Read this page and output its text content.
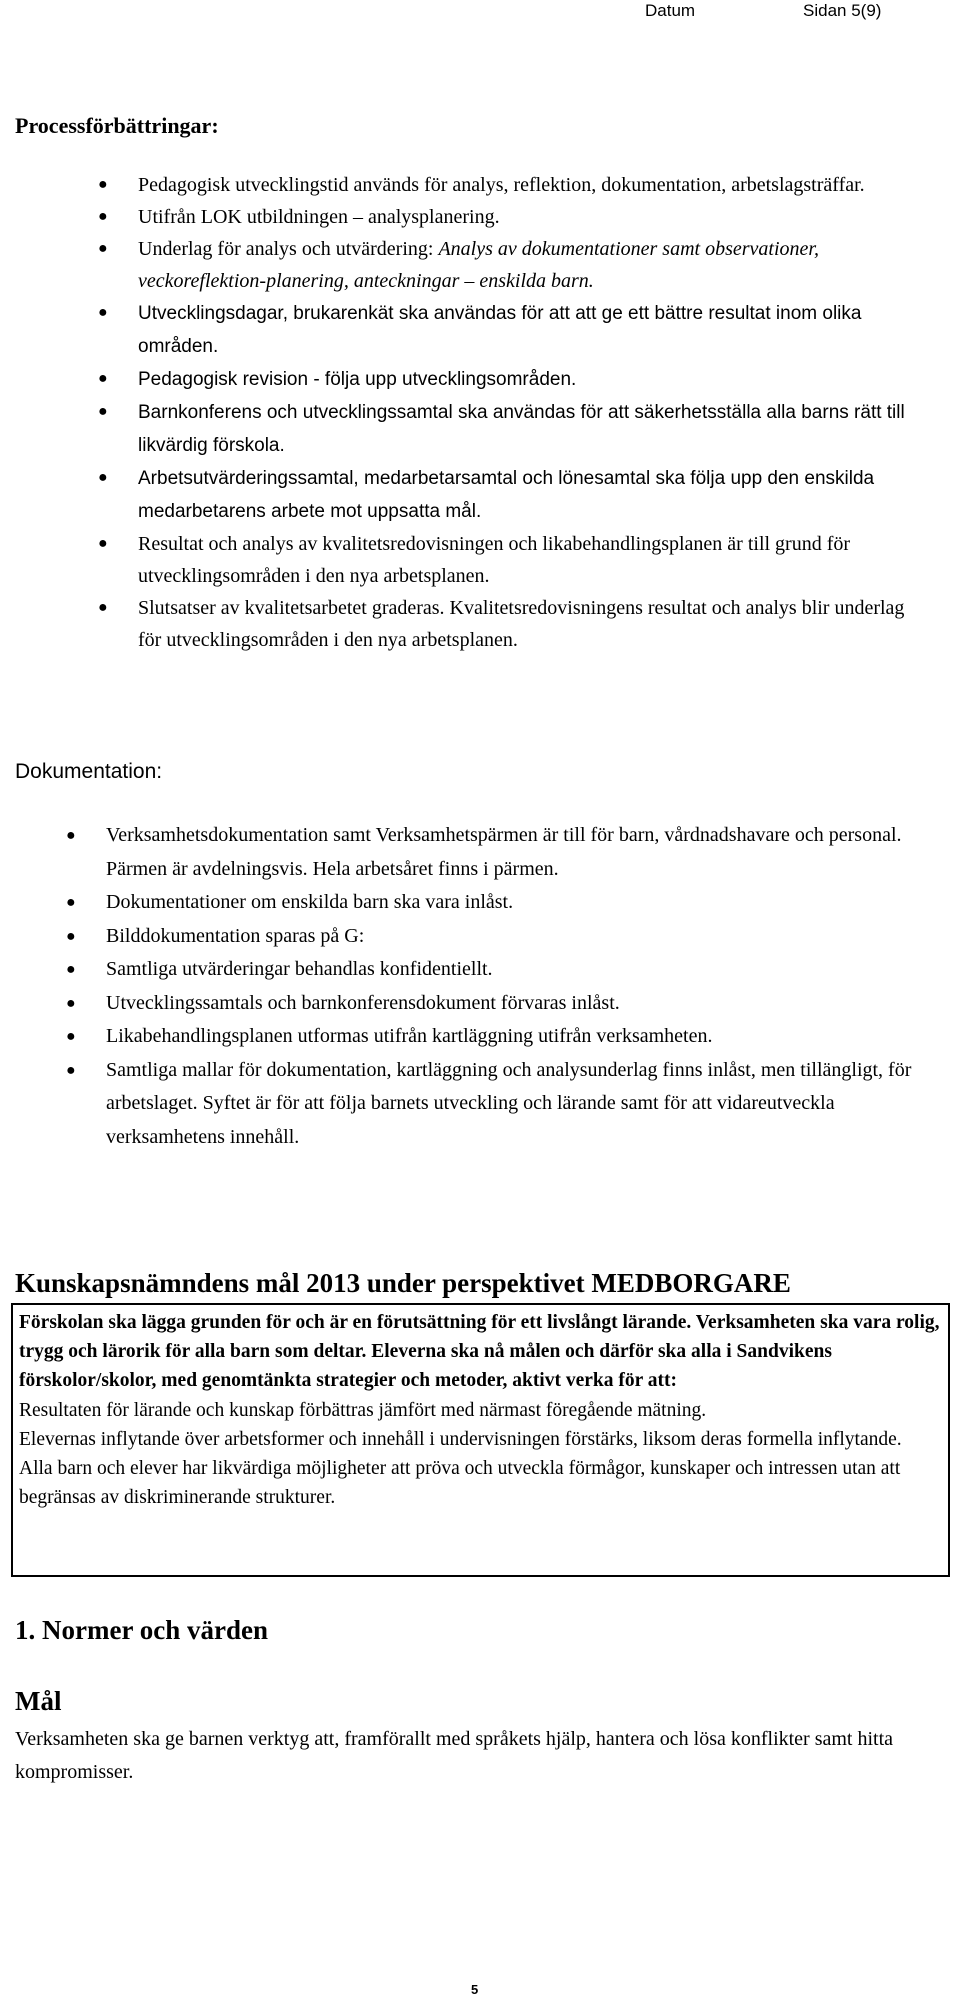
Datum	Sidan 5(9)
Processförbättringar:
● Pedagogisk utvecklingstid används för analys, reflektion, dokumentation, arbetslagsträffar.
● Utifrån LOK utbildningen – analysplanering.
● Underlag för analys och utvärdering: Analys av dokumentationer samt observationer, veckoreflektion-planering, anteckningar – enskilda barn.
● Utvecklingsdagar, brukarenkät ska användas för att att ge ett bättre resultat inom olika områden.
● Pedagogisk revision - följa upp utvecklingsområden.
● Barnkonferens och utvecklingssamtal ska användas för att säkerhetsställa alla barns rätt till likvärdig förskola.
● Arbetsutvärderingssamtal, medarbetarsamtal och lönesamtal ska följa upp den enskilda medarbetarens arbete mot uppsatta mål.
● Resultat och analys av kvalitetsredovisningen och likabehandlingsplanen är till grund för utvecklingsområden i den nya arbetsplanen.
● Slutsatser av kvalitetsarbetet graderas. Kvalitetsredovisningens resultat och analys blir underlag för utvecklingsområden i den nya arbetsplanen.
Dokumentation:
● Verksamhetsdokumentation samt Verksamhetspärmen är till för barn, vårdnadshavare och personal. Pärmen är avdelningsvis. Hela arbetsåret finns i pärmen.
● Dokumentationer om enskilda barn ska vara inlåst.
● Bilddokumentation sparas på G:
● Samtliga utvärderingar behandlas konfidentiellt.
● Utvecklingssamtals och barnkonferensdokument förvaras inlåst.
● Likabehandlingsplanen utformas utifrån kartläggning utifrån verksamheten.
● Samtliga mallar för dokumentation, kartläggning och analysunderlag finns inlåst, men tillängligt, för arbetslaget. Syftet är för att följa barnets utveckling och lärande samt för att vidareutveckla verksamhetens innehåll.
Kunskapsnämndens mål 2013 under perspektivet MEDBORGARE

Förskolan ska lägga grunden för och är en förutsättning för ett livslångt lärande. Verksamheten ska vara rolig, trygg och lärorik för alla barn som deltar. Eleverna ska nå målen och därför ska alla i Sandvikens förskolor/skolor, med genomtänkta strategier och metoder, aktivt verka för att:

Resultaten för lärande och kunskap förbättras jämfört med närmast föregående mätning.

Elevernas inflytande över arbetsformer och innehåll i undervisningen förstärks, liksom deras formella inflytande.

Alla barn och elever har likvärdiga möjligheter att pröva och utveckla förmågor, kunskaper och intressen utan att begränsas av diskriminerande strukturer.

1. Normer och värden
Mål
Verksamheten ska ge barnen verktyg att, framförallt med språkets hjälp, hantera och lösa konflikter samt hitta kompromisser.
5
